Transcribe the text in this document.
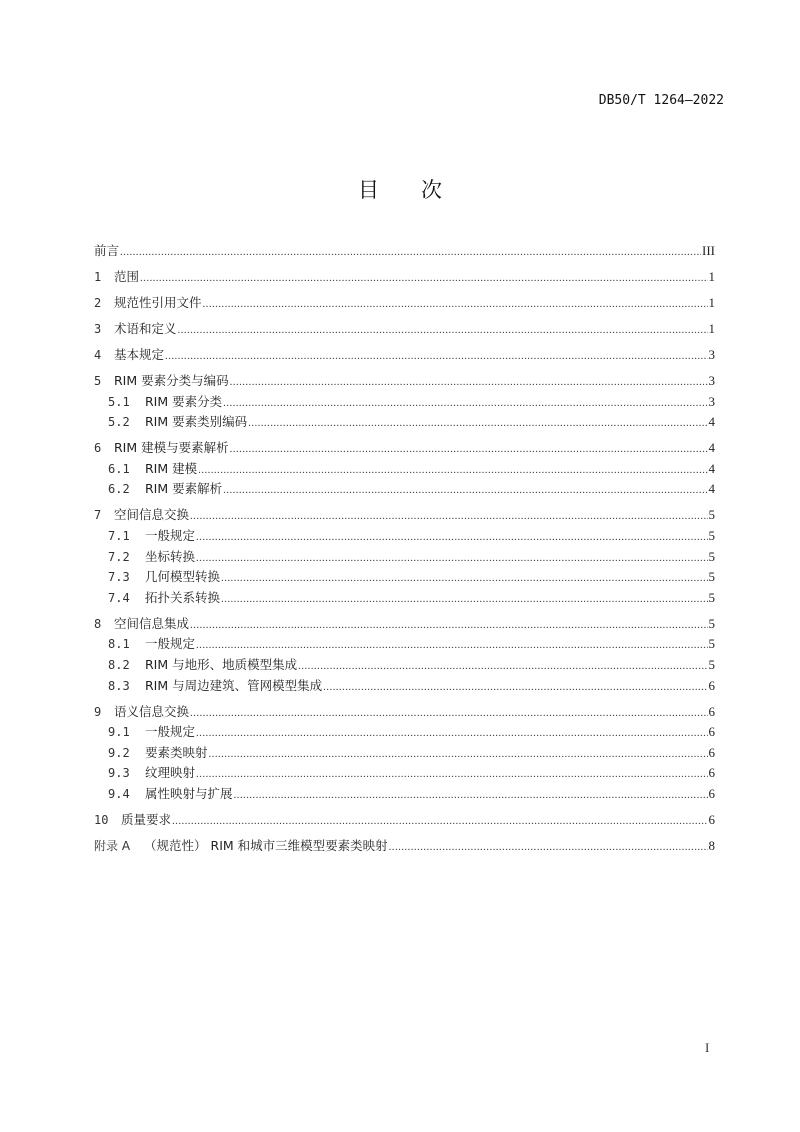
DB50/T 1264—2022
目 次
前言 .....	III
1	范围 .....	1
2	规范性引用文件 .....	1
3	术语和定义 .....	1
4	基本规定 .....	3
5	RIM 要素分类与编码 .....	3
5.1	RIM 要素分类 .....	3
5.2	RIM 要素类别编码 .....	4
6	RIM 建模与要素解析 .....	4
6.1	RIM 建模 .....	4
6.2	RIM 要素解析 .....	4
7	空间信息交换 .....	5
7.1	一般规定 .....	5
7.2	坐标转换 .....	5
7.3	几何模型转换 .....	5
7.4	拓扑关系转换 .....	5
8	空间信息集成 .....	5
8.1	一般规定 .....	5
8.2	RIM 与地形、地质模型集成 .....	5
8.3	RIM 与周边建筑、管网模型集成 .....	6
9	语义信息交换 .....	6
9.1	一般规定 .....	6
9.2	要素类映射 .....	6
9.3	纹理映射 .....	6
9.4	属性映射与扩展 .....	6
10	质量要求 .....	6
附录 A （规范性） RIM 和城市三维模型要素类映射 .....	8
I
